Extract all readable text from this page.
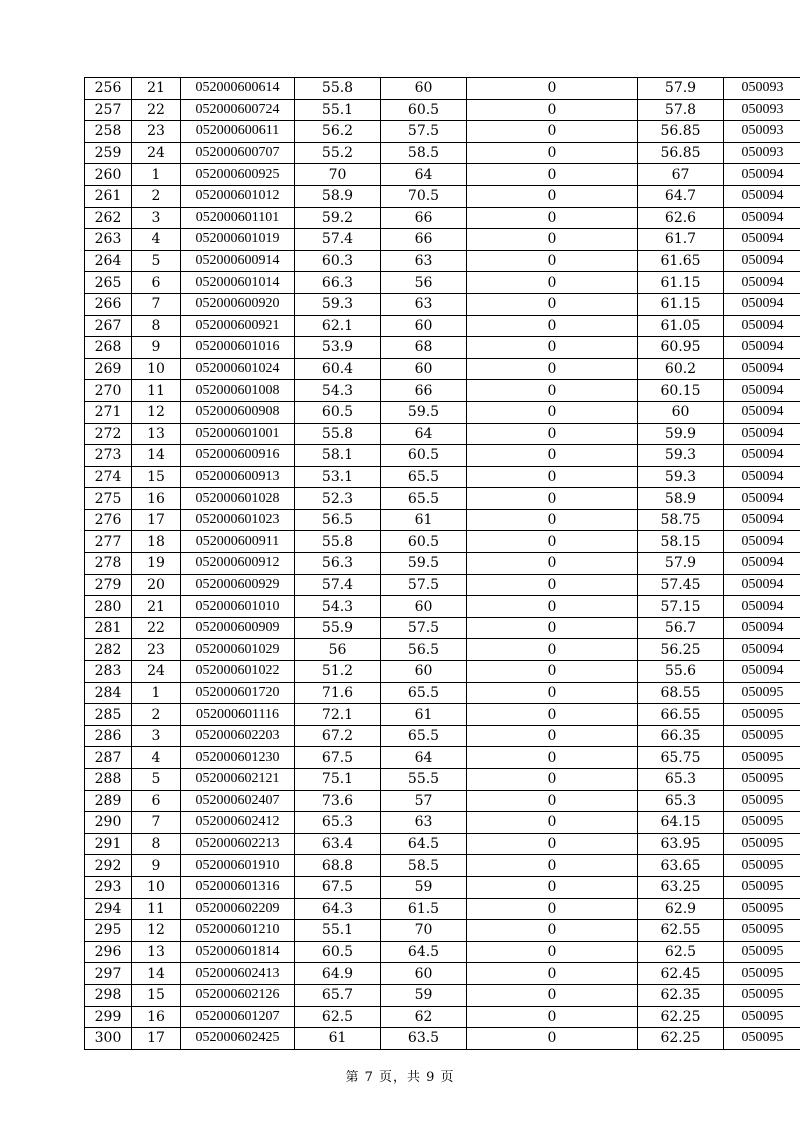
256	21	052000600614	55.8	60	0	57.9	050093
257	22	052000600724	55.1	60.5	0	57.8	050093
258	23	052000600611	56.2	57.5	0	56.85	050093
259	24	052000600707	55.2	58.5	0	56.85	050093
260	1	052000600925	70	64	0	67	050094
261	2	052000601012	58.9	70.5	0	64.7	050094
262	3	052000601101	59.2	66	0	62.6	050094
263	4	052000601019	57.4	66	0	61.7	050094
264	5	052000600914	60.3	63	0	61.65	050094
265	6	052000601014	66.3	56	0	61.15	050094
266	7	052000600920	59.3	63	0	61.15	050094
267	8	052000600921	62.1	60	0	61.05	050094
268	9	052000601016	53.9	68	0	60.95	050094
269	10	052000601024	60.4	60	0	60.2	050094
270	11	052000601008	54.3	66	0	60.15	050094
271	12	052000600908	60.5	59.5	0	60	050094
272	13	052000601001	55.8	64	0	59.9	050094
273	14	052000600916	58.1	60.5	0	59.3	050094
274	15	052000600913	53.1	65.5	0	59.3	050094
275	16	052000601028	52.3	65.5	0	58.9	050094
276	17	052000601023	56.5	61	0	58.75	050094
277	18	052000600911	55.8	60.5	0	58.15	050094
278	19	052000600912	56.3	59.5	0	57.9	050094
279	20	052000600929	57.4	57.5	0	57.45	050094
280	21	052000601010	54.3	60	0	57.15	050094
281	22	052000600909	55.9	57.5	0	56.7	050094
282	23	052000601029	56	56.5	0	56.25	050094
283	24	052000601022	51.2	60	0	55.6	050094
284	1	052000601720	71.6	65.5	0	68.55	050095
285	2	052000601116	72.1	61	0	66.55	050095
286	3	052000602203	67.2	65.5	0	66.35	050095
287	4	052000601230	67.5	64	0	65.75	050095
288	5	052000602121	75.1	55.5	0	65.3	050095
289	6	052000602407	73.6	57	0	65.3	050095
290	7	052000602412	65.3	63	0	64.15	050095
291	8	052000602213	63.4	64.5	0	63.95	050095
292	9	052000601910	68.8	58.5	0	63.65	050095
293	10	052000601316	67.5	59	0	63.25	050095
294	11	052000602209	64.3	61.5	0	62.9	050095
295	12	052000601210	55.1	70	0	62.55	050095
296	13	052000601814	60.5	64.5	0	62.5	050095
297	14	052000602413	64.9	60	0	62.45	050095
298	15	052000602126	65.7	59	0	62.35	050095
299	16	052000601207	62.5	62	0	62.25	050095
300	17	052000602425	61	63.5	0	62.25	050095
第 7 页，共 9 页
